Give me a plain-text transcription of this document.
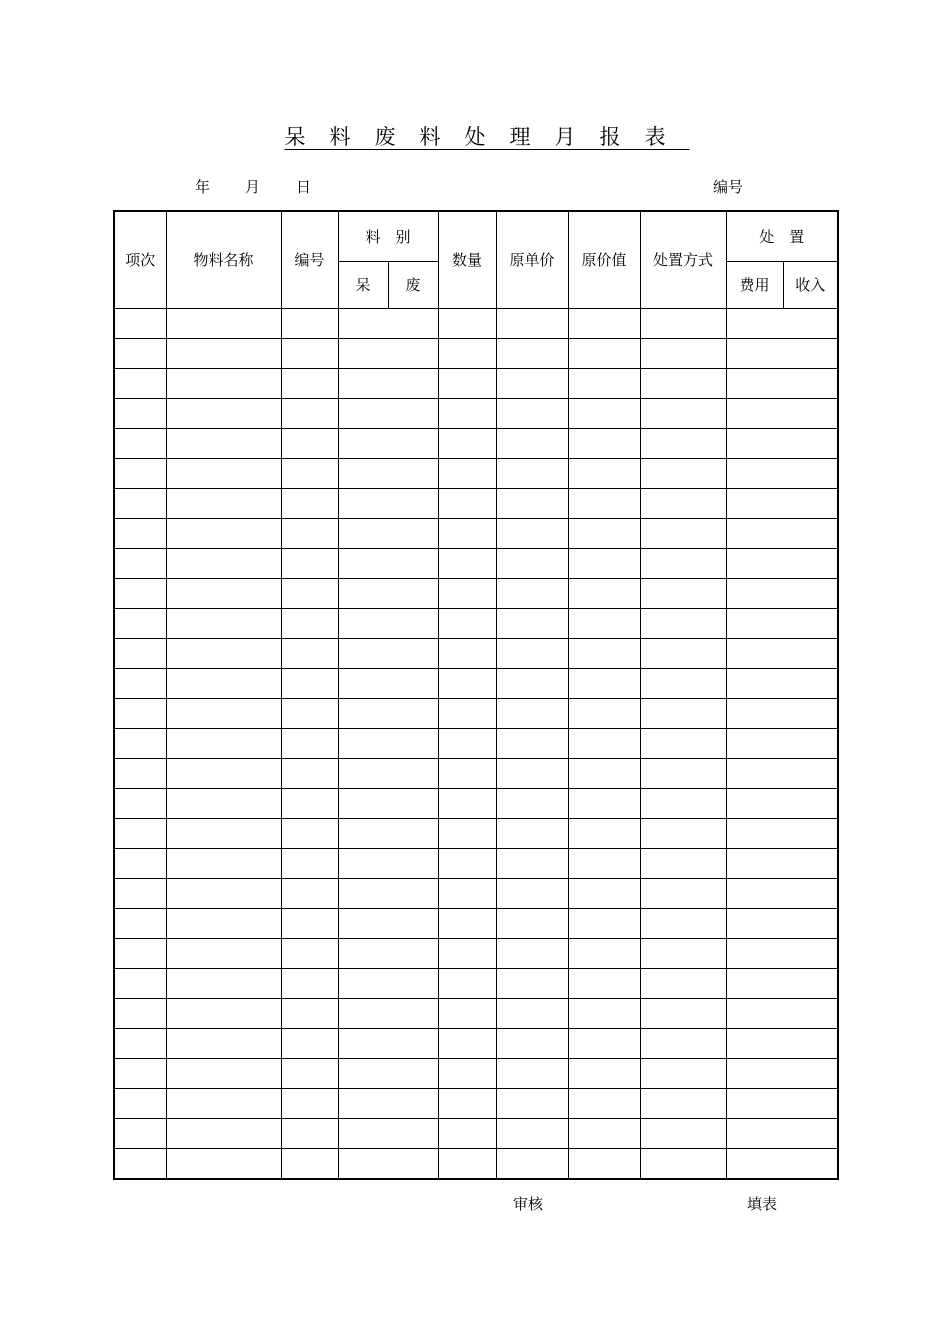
呆料废料处理月报表
年 月 日	编号
项次	物料名称	编号	料　别		数量	原单价	原价值	处置方式	处　置	
			呆	废					费用	收入

审核	填表
